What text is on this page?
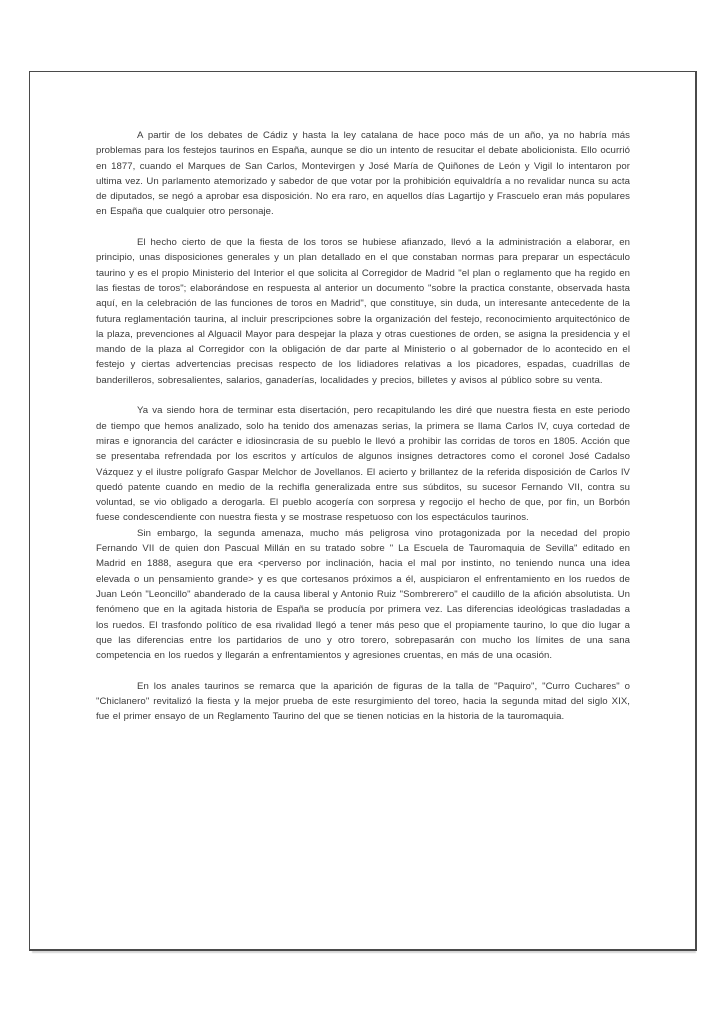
A partir de los debates de Cádiz y hasta la ley catalana de hace poco más de un año, ya no habría más problemas para los festejos taurinos en España, aunque se dio un intento de resucitar el debate abolicionista. Ello ocurrió en 1877, cuando el Marques de San Carlos, Montevirgen y José María de Quiñones de León y Vigil lo intentaron por ultima vez. Un parlamento atemorizado y sabedor de que votar por la prohibición equivaldría a no revalidar nunca su acta de diputados, se negó a aprobar esa disposición. No era raro, en aquellos días Lagartijo y Frascuelo eran más populares en España que cualquier otro personaje.

El hecho cierto de que la fiesta de los toros se hubiese afianzado, llevó a la administración a elaborar, en principio, unas disposiciones generales y un plan detallado en el que constaban normas para preparar un espectáculo taurino y es el propio Ministerio del Interior el que solicita al Corregidor de Madrid "el plan o reglamento que ha regido en las fiestas de toros"; elaborándose en respuesta al anterior un documento "sobre la practica constante, observada hasta aquí, en la celebración de las funciones de toros en Madrid", que constituye, sin duda, un interesante antecedente de la futura reglamentación taurina, al incluir prescripciones sobre la organización del festejo, reconocimiento arquitectónico de la plaza, prevenciones al Alguacil Mayor para despejar la plaza y otras cuestiones de orden, se asigna la presidencia y el mando de la plaza al Corregidor con la obligación de dar parte al Ministerio o al gobernador de lo acontecido en el festejo y ciertas advertencias precisas respecto de los lidiadores relativas a los picadores, espadas, cuadrillas de banderilleros, sobresalientes, salarios, ganaderías, localidades y precios, billetes y avisos al público sobre su venta.

Ya va siendo hora de terminar esta disertación, pero recapitulando les diré que nuestra fiesta en este periodo de tiempo que hemos analizado, solo ha tenido dos amenazas serias, la primera se llama Carlos IV, cuya cortedad de miras e ignorancia del carácter e idiosincrasia de su pueblo le llevó a prohibir las corridas de toros en 1805. Acción que se presentaba refrendada por los escritos y artículos de algunos insignes detractores como el coronel José Cadalso Vázquez y el ilustre polígrafo Gaspar Melchor de Jovellanos. El acierto y brillantez de la referida disposición de Carlos IV quedó patente cuando en medio de la rechifla generalizada entre sus súbditos, su sucesor Fernando VII, contra su voluntad, se vio obligado a derogarla. El pueblo acogería con sorpresa y regocijo el hecho de que, por fin, un Borbón fuese condescendiente con nuestra fiesta y se mostrase respetuoso con los espectáculos taurinos.

Sin embargo, la segunda amenaza, mucho más peligrosa vino protagonizada por la necedad del propio Fernando VII de quien don Pascual Millán en su tratado sobre " La Escuela de Tauromaquia de Sevilla" editado en Madrid en 1888, asegura que era <perverso por inclinación, hacia el mal por instinto, no teniendo nunca una idea elevada o un pensamiento grande> y es que cortesanos próximos a él, auspiciaron el enfrentamiento en los ruedos de Juan León "Leoncillo" abanderado de la causa liberal y Antonio Ruiz "Sombrerero" el caudillo de la afición absolutista. Un fenómeno que en la agitada historia de España se producía por primera vez. Las diferencias ideológicas trasladadas a los ruedos. El trasfondo político de esa rivalidad llegó a tener más peso que el propiamente taurino, lo que dio lugar a que las diferencias entre los partidarios de uno y otro torero, sobrepasarán con mucho los límites de una sana competencia en los ruedos y llegarán a enfrentamientos y agresiones cruentas, en más de una ocasión.

En los anales taurinos se remarca que la aparición de figuras de la talla de "Paquiro", "Curro Cuchares" o "Chiclanero" revitalizó la fiesta y la mejor prueba de este resurgimiento del toreo, hacia la segunda mitad del siglo XIX, fue el primer ensayo de un Reglamento Taurino del que se tienen noticias en la historia de la tauromaquia.
